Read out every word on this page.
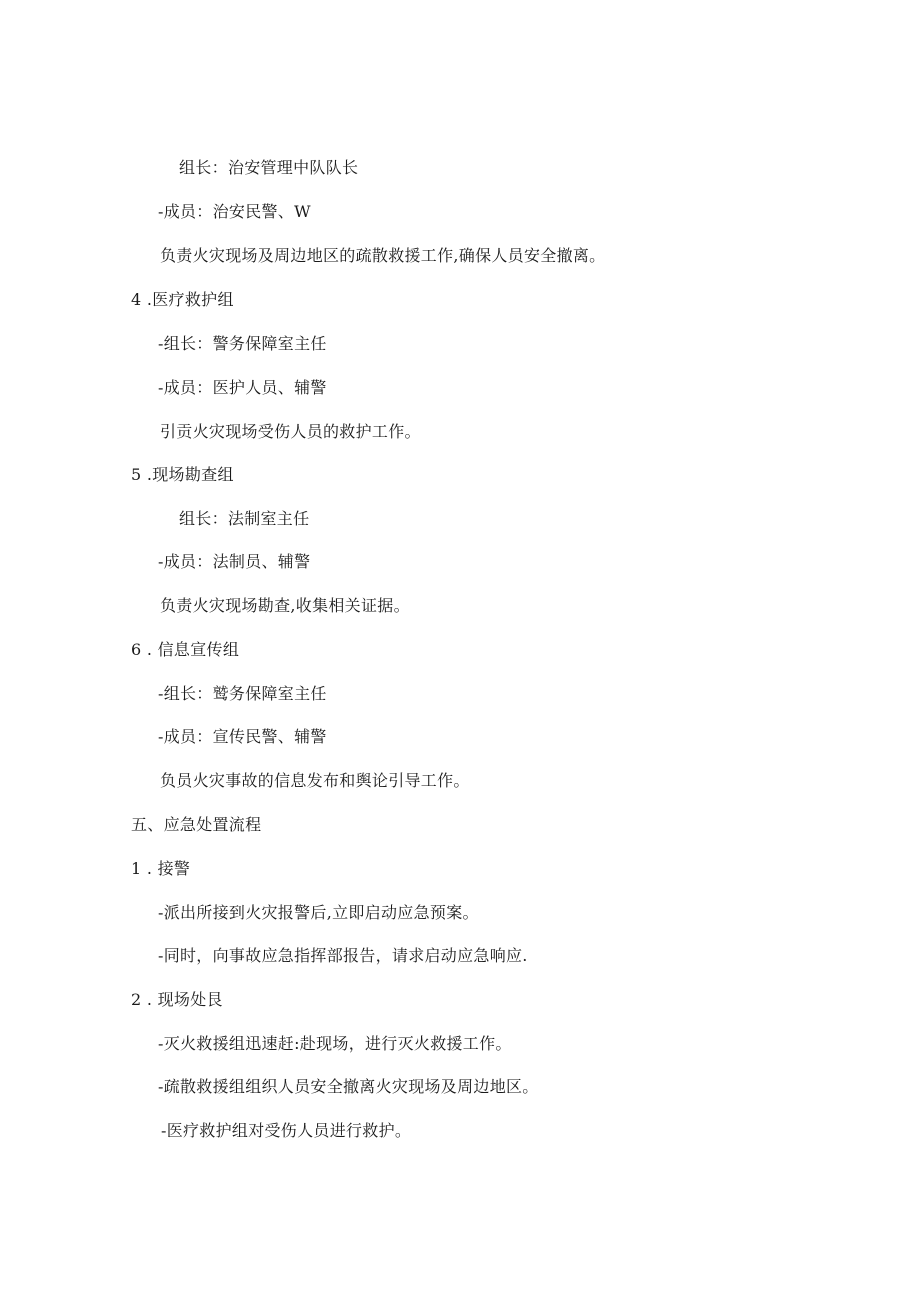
组长：治安管理中队队长
-成员：治安民警、W
负责火灾现场及周边地区的疏散救援工作,确保人员安全撤离。
4 .医疗救护组
-组长：警务保障室主任
-成员：医护人员、辅警
引贡火灾现场受伤人员的救护工作。
5 .现场勘查组
组长：法制室主任
-成员：法制员、辅警
负责火灾现场勘查,收集相关证据。
6 . 信息宣传组
-组长：鹫务保障室主任
-成员：宣传民警、辅警
负员火灾事故的信息发布和舆论引导工作。
五、应急处置流程
1 . 接警
-派出所接到火灾报警后,立即启动应急预案。
-同时，向事故应急指挥部报告，请求启动应急响应.
2 . 现场处艮
-灭火救援组迅速赶:赴现场，进行灭火救援工作。
-疏散救援组组织人员安全撤离火灾现场及周边地区。
-医疗救护组对受伤人员进行救护。
